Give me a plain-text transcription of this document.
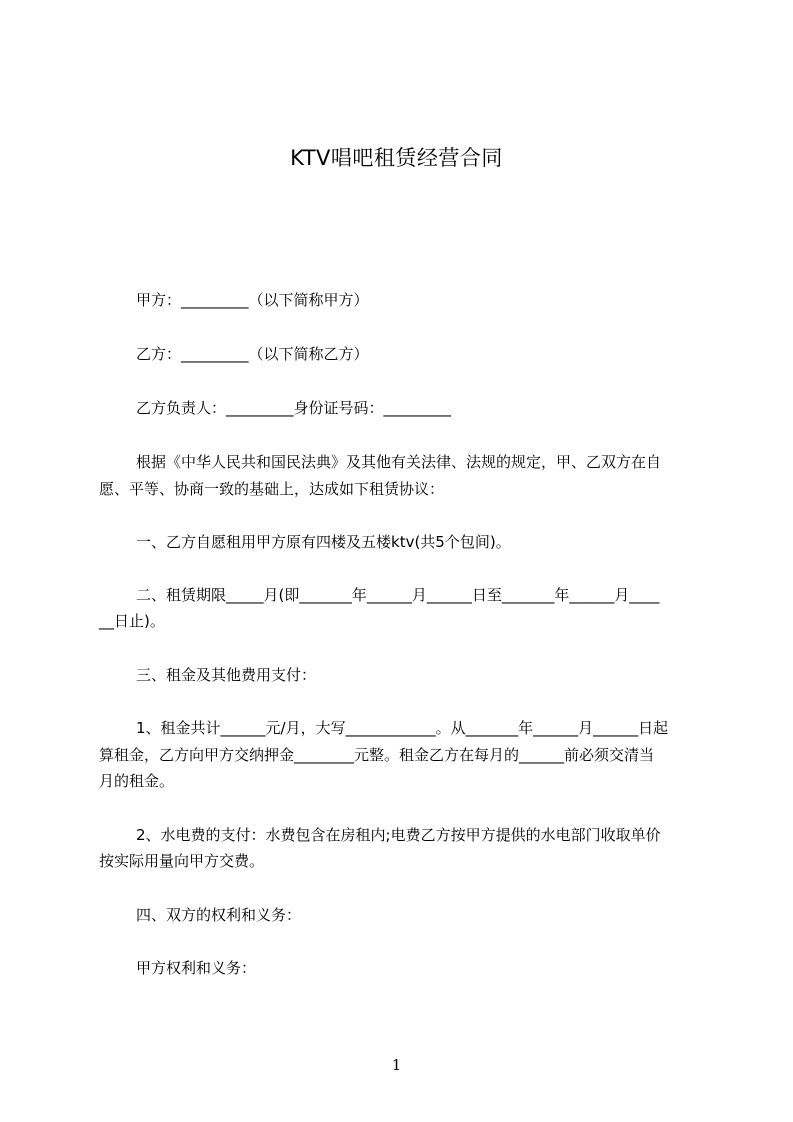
KTV唱吧租赁经营合同
甲方：_________（以下简称甲方）
乙方：_________（以下简称乙方）
乙方负责人：_________身份证号码：_________
根据《中华人民共和国民法典》及其他有关法律、法规的规定，甲、乙双方在自
愿、平等、协商一致的基础上，达成如下租赁协议：
一、乙方自愿租用甲方原有四楼及五楼ktv(共5个包间)。
二、租赁期限_____月(即_______年______月______日至_______年______月____
__日止)。
三、租金及其他费用支付：
1、租金共计______元/月，大写____________。从_______年______月______日起
算租金，乙方向甲方交纳押金________元整。租金乙方在每月的______前必须交清当
月的租金。
2、水电费的支付：水费包含在房租内;电费乙方按甲方提供的水电部门收取单价
按实际用量向甲方交费。
四、双方的权利和义务：
甲方权利和义务：
1
